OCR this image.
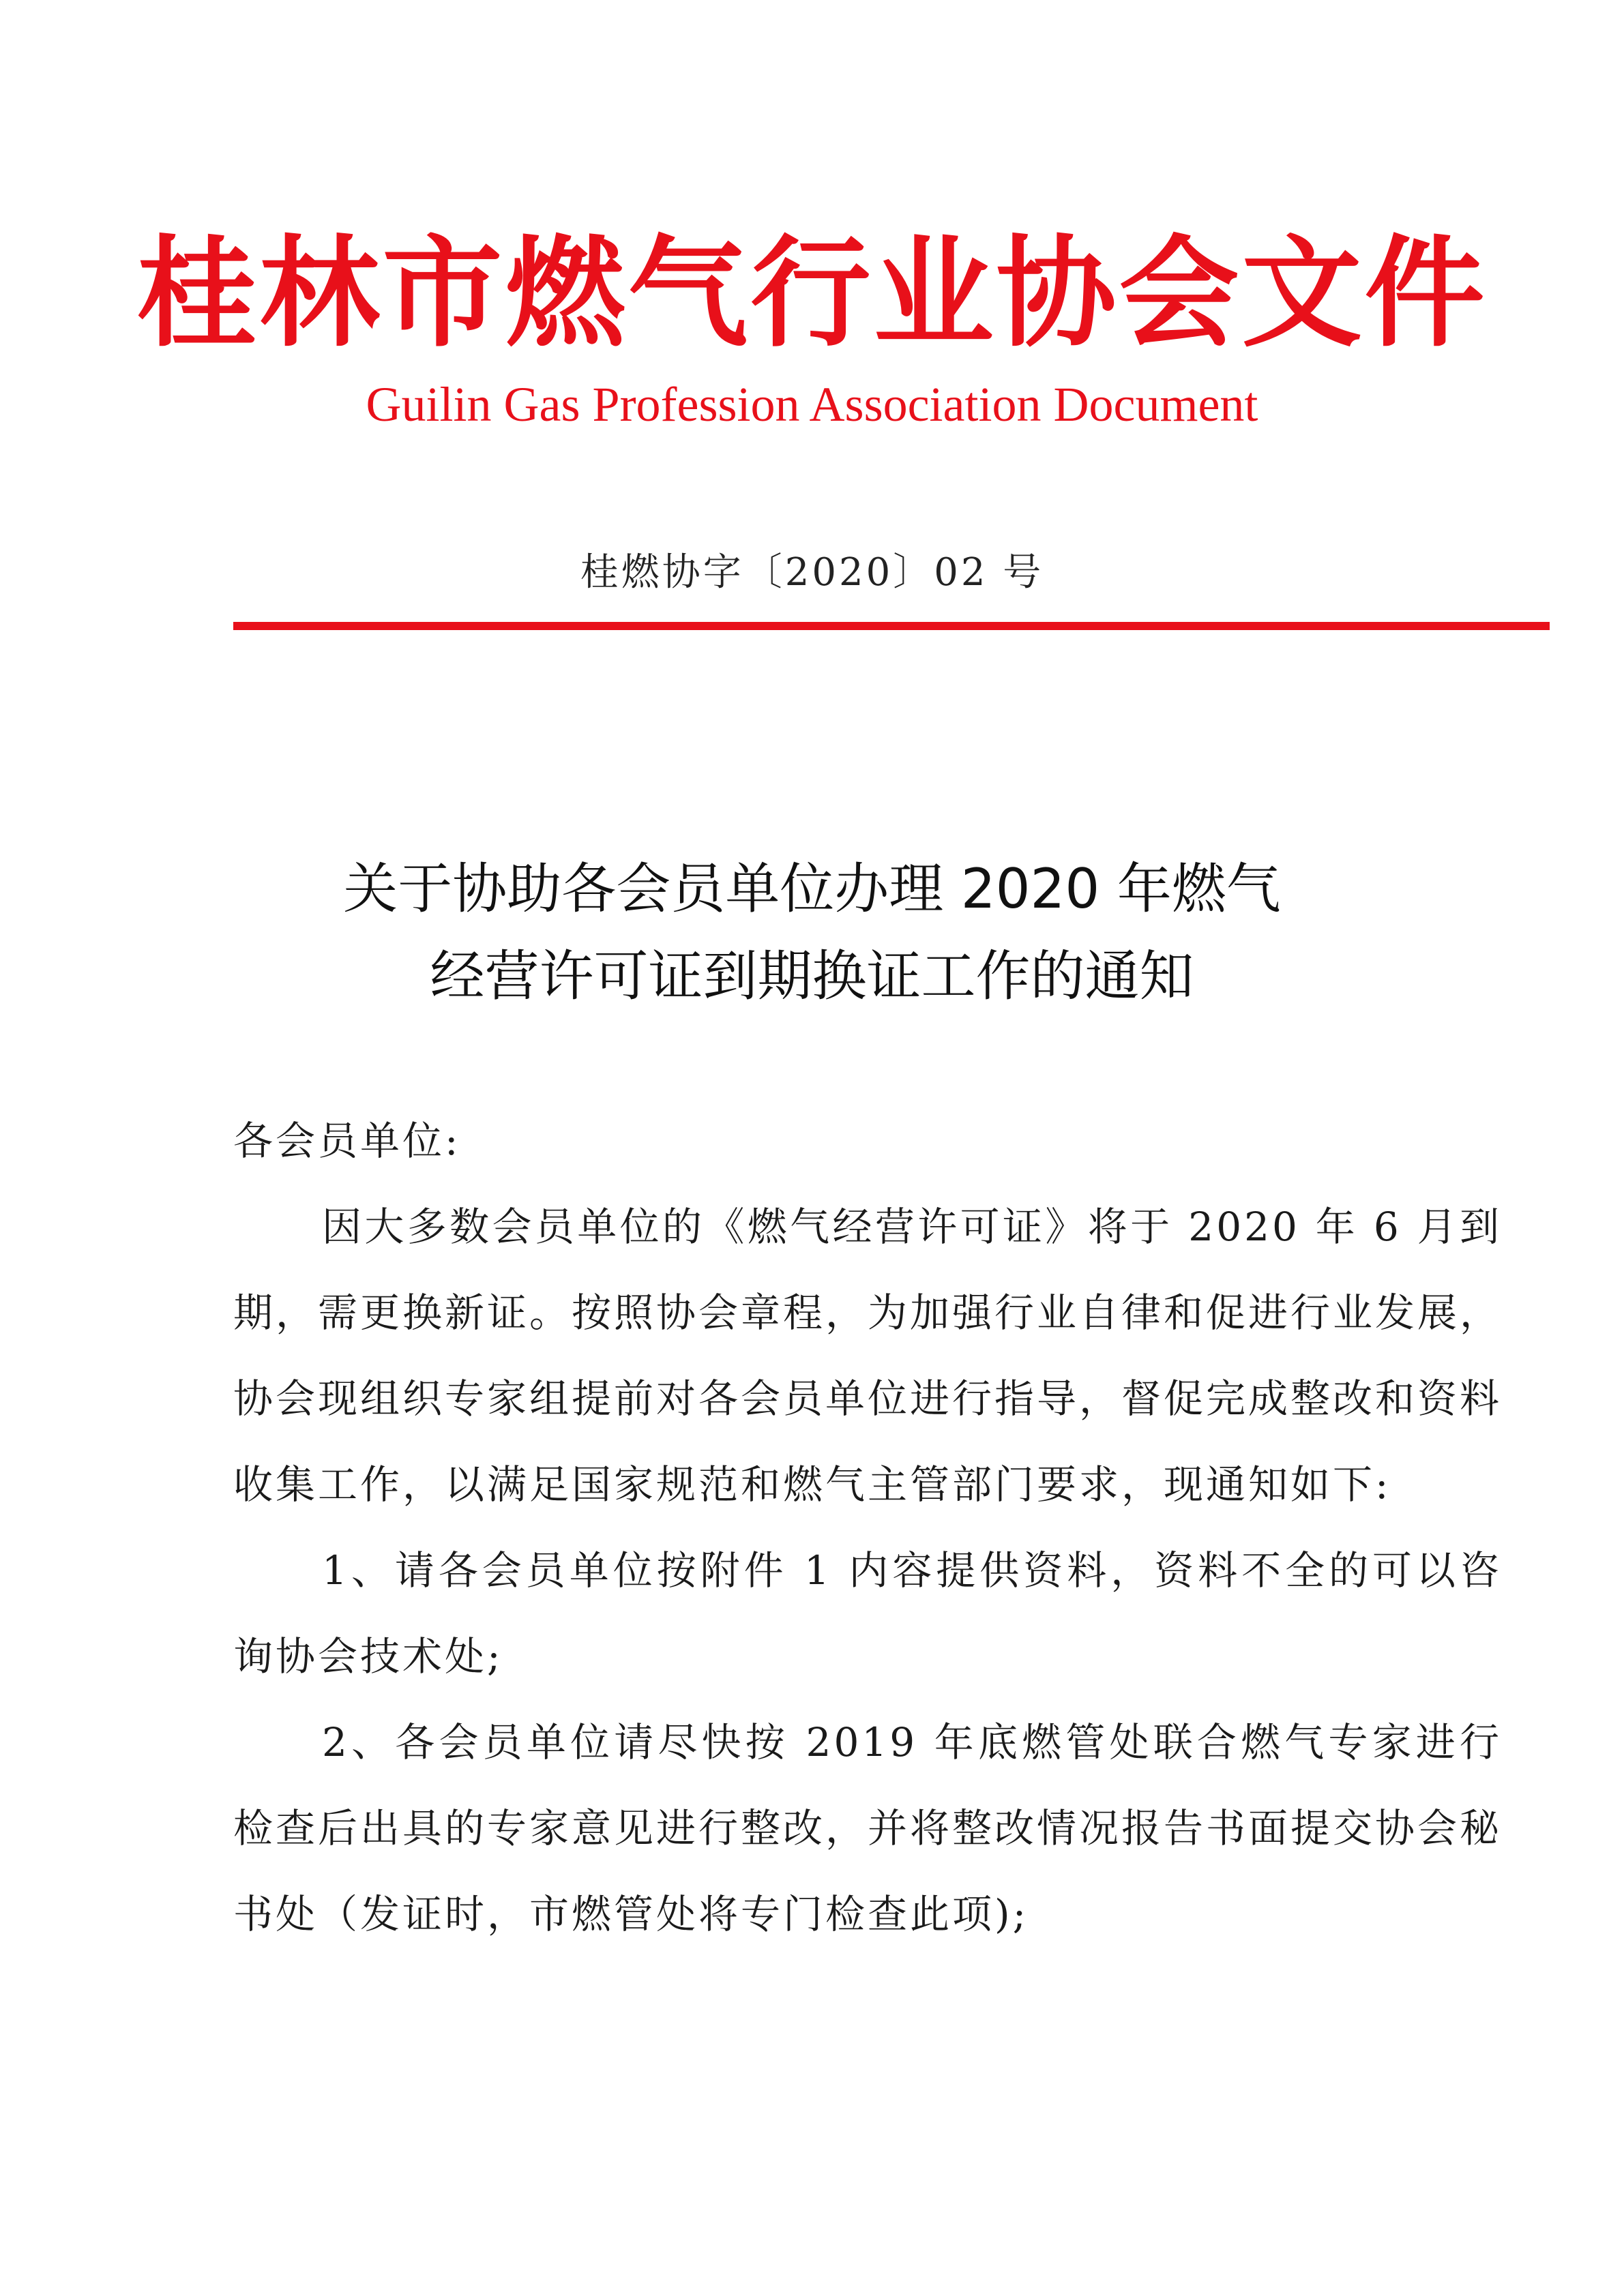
桂林市燃气行业协会文件
Guilin Gas Profession Association Document
桂燃协字〔2020〕02 号
关于协助各会员单位办理 2020 年燃气
经营许可证到期换证工作的通知

各会员单位:

因大多数会员单位的《燃气经营许可证》将于 2020 年 6 月到期，需更换新证。按照协会章程，为加强行业自律和促进行业发展，协会现组织专家组提前对各会员单位进行指导，督促完成整改和资料收集工作，以满足国家规范和燃气主管部门要求，现通知如下:

1、请各会员单位按附件 1 内容提供资料，资料不全的可以咨询协会技术处;

2、各会员单位请尽快按 2019 年底燃管处联合燃气专家进行检查后出具的专家意见进行整改，并将整改情况报告书面提交协会秘书处（发证时，市燃管处将专门检查此项);
